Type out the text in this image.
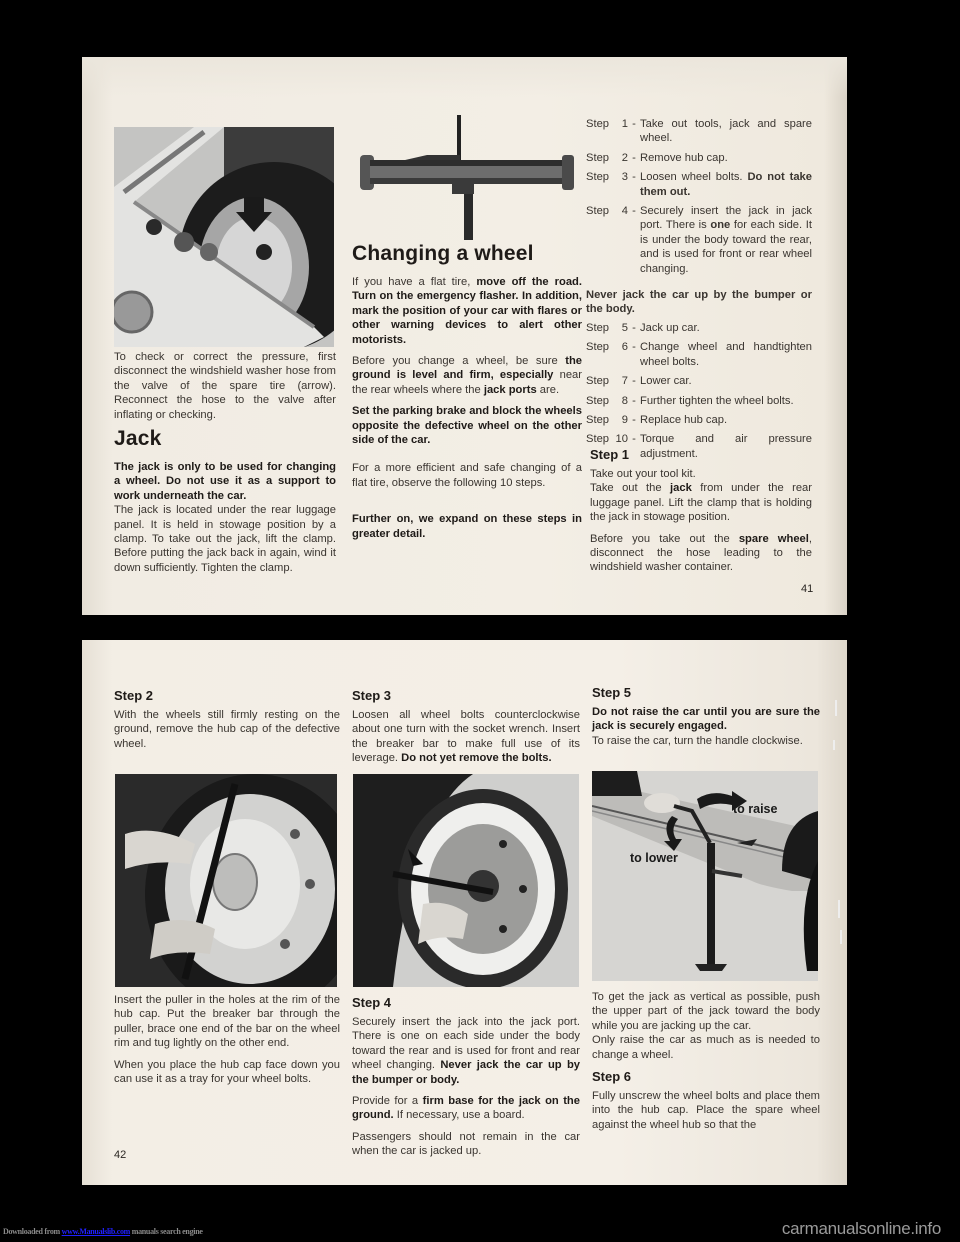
To check or correct the pressure, first disconnect the windshield washer hose from the valve of the spare tire (arrow). Reconnect the hose to the valve after inflating or checking.
Jack
The jack is only to be used for changing a wheel. Do not use it as a support to work underneath the car.
The jack is located under the rear luggage panel. It is held in stowage position by a clamp. To take out the jack, lift the clamp. Before putting the jack back in again, wind it down sufficiently. Tighten the clamp.
Changing a wheel
If you have a flat tire, move off the road. Turn on the emergency flasher. In addition, mark the position of your car with flares or other warning devices to alert other motorists.
Before you change a wheel, be sure the ground is level and firm, especially near the rear wheels where the jack ports are.
Set the parking brake and block the wheels opposite the defective wheel on the other side of the car.
For a more efficient and safe changing of a flat tire, observe the following 10 steps.
Further on, we expand on these steps in greater detail.
Step	1 - Take out tools, jack and spare wheel.
Step	2 - Remove hub cap.
Step	3 - Loosen wheel bolts. Do not take them out.
Step	4 - Securely insert the jack in jack port. There is one for each side. It is under the body toward the rear, and is used for front or rear wheel changing.
Never jack the car up by the bumper or the body.
Step	5 - Jack up car.
Step	6 - Change wheel and handtighten wheel bolts.
Step	7 - Lower car.
Step	8 - Further tighten the wheel bolts.
Step	9 - Replace hub cap.
Step 10 - Torque and air pressure adjustment.
Step 1
Take out your tool kit.
Take out the jack from under the rear luggage panel. Lift the clamp that is holding the jack in stowage position.
Before you take out the spare wheel, disconnect the hose leading to the windshield washer container.
41
Step 2
With the wheels still firmly resting on the ground, remove the hub cap of the defective wheel.
Insert the puller in the holes at the rim of the hub cap. Put the breaker bar through the puller, brace one end of the bar on the wheel rim and tug lightly on the other end.
When you place the hub cap face down you can use it as a tray for your wheel bolts.
42
Step 3
Loosen all wheel bolts counterclockwise about one turn with the socket wrench. Insert the breaker bar to make full use of its leverage. Do not yet remove the bolts.
Step 4
Securely insert the jack into the jack port. There is one on each side under the body toward the rear and is used for front and rear wheel changing. Never jack the car up by the bumper or body.
Provide for a firm base for the jack on the ground. If necessary, use a board.
Passengers should not remain in the car when the car is jacked up.
Step 5
Do not raise the car until you are sure the jack is securely engaged.
To raise the car, turn the handle clockwise.
to raise
to lower
To get the jack as vertical as possible, push the upper part of the jack toward the body while you are jacking up the car.
Only raise the car as much as is needed to change a wheel.
Step 6
Fully unscrew the wheel bolts and place them into the hub cap. Place the spare wheel against the wheel hub so that the
Downloaded from www.Manualslib.com manuals search engine	carmanualsonline.info
